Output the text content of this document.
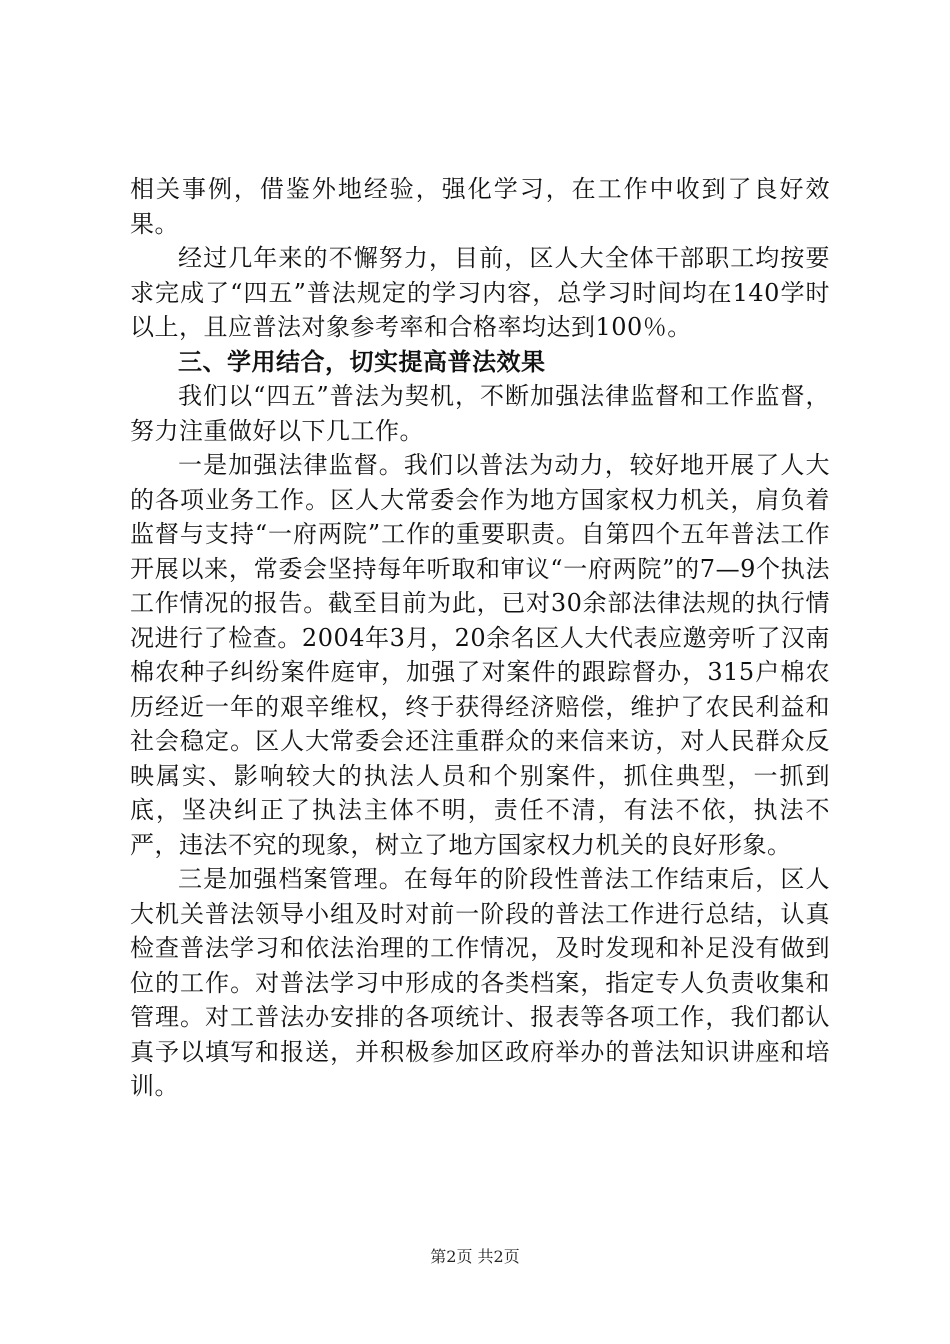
相关事例，借鉴外地经验，强化学习，在工作中收到了良好效果。

经过几年来的不懈努力，目前，区人大全体干部职工均按要求完成了“四五”普法规定的学习内容，总学习时间均在140学时以上，且应普法对象参考率和合格率均达到100％。

三、学用结合，切实提高普法效果

我们以“四五”普法为契机，不断加强法律监督和工作监督，努力注重做好以下几工作。

一是加强法律监督。我们以普法为动力，较好地开展了人大的各项业务工作。区人大常委会作为地方国家权力机关，肩负着监督与支持“一府两院”工作的重要职责。自第四个五年普法工作开展以来，常委会坚持每年听取和审议“一府两院”的7—9个执法工作情况的报告。截至目前为此，已对30余部法律法规的执行情况进行了检查。2004年3月，20余名区人大代表应邀旁听了汉南棉农种子纠纷案件庭审，加强了对案件的跟踪督办，315户棉农历经近一年的艰辛维权，终于获得经济赔偿，维护了农民利益和社会稳定。区人大常委会还注重群众的来信来访，对人民群众反映属实、影响较大的执法人员和个别案件，抓住典型，一抓到底，坚决纠正了执法主体不明，责任不清，有法不依，执法不严，违法不究的现象，树立了地方国家权力机关的良好形象。

三是加强档案管理。在每年的阶段性普法工作结束后，区人大机关普法领导小组及时对前一阶段的普法工作进行总结，认真检查普法学习和依法治理的工作情况，及时发现和补足没有做到位的工作。对普法学习中形成的各类档案，指定专人负责收集和管理。对工普法办安排的各项统计、报表等各项工作，我们都认真予以填写和报送，并积极参加区政府举办的普法知识讲座和培训。

第2页 共2页
